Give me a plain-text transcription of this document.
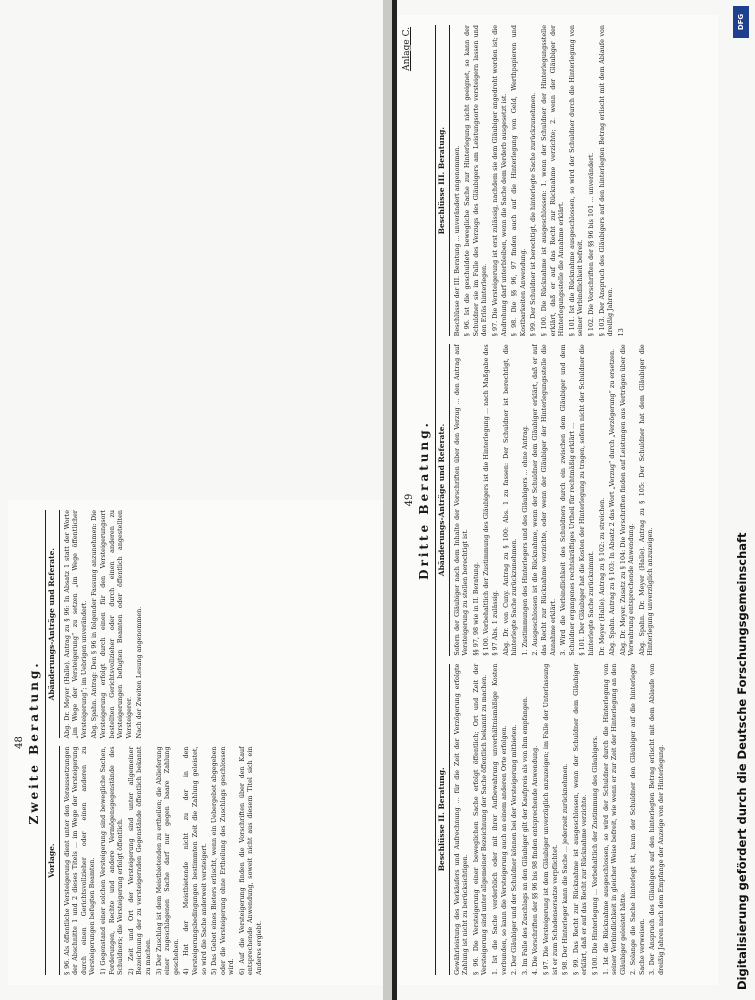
48 Zweite Beratung.
Vorlage.	§ 96. Als öffentliche Versteigerung dient unter den Voraussetzungen der Abschnitte 1 und 2 dieses Titels ... im Wege der Versteigerung durch einen Gerichtsvollzieher oder einen anderen zu Versteigerungen befugten Beamten. 1) Gegenstand einer solchen Versteigerung sind bewegliche Sachen, Forderungen, Rechte und andere Vermögensgegenstände des Schuldners; die Versteigerung erfolgt öffentlich. 2) Zeit und Ort der Versteigerung sind unter allgemeiner Bezeichnung der zu versteigernden Gegenstände öffentlich bekannt zu machen. 3) Der Zuschlag ist dem Meistbietenden zu ertheilen; die Ablieferung einer zugeschlagenen Sache darf nur gegen baare Zahlung geschehen. 4) Hat der Meistbietende nicht zu der in den Versteigerungsbedingungen bestimmten Zeit die Zahlung geleistet, so wird die Sache anderweit versteigert. 5) Das Gebot eines Bieters erlischt, wenn ein Uebergebot abgegeben oder die Versteigerung ohne Ertheilung des Zuschlags geschlossen wird. 6) Auf die Versteigerung finden die Vorschriften über den Kauf entsprechende Anwendung, soweit nicht aus diesem Titel sich ein Anderes ergiebt.

Abänderungs-Anträge und Referate.	Abg. Dr. Meyer (Halle). Antrag zu § 96: In Absatz 1 statt der Worte „im Wege der Versteigerung“ zu setzen „im Wege öffentlicher Versteigerung“; im Uebrigen unverändert. Abg. Spahn. Antrag: Den § 96 in folgender Fassung anzunehmen: Die Versteigerung erfolgt durch einen für den Versteigerungsort bestellten Gerichtsvollzieher oder durch einen anderen zu Versteigerungen befugten Beamten oder öffentlich angestellten Versteigerer. Nach der Zweiten Lesung angenommen.

Anlage C.
49 Dritte Beratung.
Beschlüsse II. Beratung.	Gewährleistung des Verkäufers und Aufrechnung ... für die Zeit der Verzögerung erfolgte Zahlung ist nicht zu berücksichtigen. § 96. Die Versteigerung einer beweglichen Sache erfolgt öffentlich; Ort und Zeit der Versteigerung sind unter allgemeiner Bezeichnung der Sache öffentlich bekannt zu machen. 1. Ist die Sache verderblich oder mit ihrer Aufbewahrung unverhältnismäßige Kosten verbunden, so kann die Versteigerung auch an einem anderen Orte erfolgen. 2. Der Gläubiger und der Schuldner können bei der Versteigerung mitbieten. 3. Im Falle des Zuschlags an den Gläubiger gilt der Kaufpreis als von ihm empfangen. 4. Die Vorschriften der §§ 96 bis 98 finden entsprechende Anwendung. § 97. Die Versteigerung ist dem Gläubiger unverzüglich anzuzeigen; im Falle der Unterlassung ist er zum Schadensersatze verpflichtet. § 98. Der Hinterleger kann die Sache ... jederzeit zurücknehmen. § 99. Das Recht zur Rücknahme ist ausgeschlossen, wenn der Schuldner dem Gläubiger erklärt, daß er auf das Recht zur Rücknahme verzichte. § 100. Die Hinterlegung ... Vorbehaltlich der Zustimmung des Gläubigers. 1. Ist die Rücknahme ausgeschlossen, so wird der Schuldner durch die Hinterlegung von seiner Verbindlichkeit in gleicher Weise befreit, wie wenn er zur Zeit der Hinterlegung an den Gläubiger geleistet hätte. 2. Solange die Sache hinterlegt ist, kann der Schuldner den Gläubiger auf die hinterlegte Sache verweisen. 3. Der Anspruch des Gläubigers auf den hinterlegten Betrag erlischt mit dem Ablaufe von dreißig Jahren nach dem Empfange der Anzeige von der Hinterlegung.

Abänderungs-Anträge und Referate.	Sofern der Gläubiger nach dem Inhalte der Vorschriften über den Verzug ... den Antrag auf Versteigerung zu stellen berechtigt ist. §§ 97, 98 wie in II. Beratung. § 100. Vorbehaltlich der Zustimmung des Gläubigers ist die Hinterlegung ... nach Maßgabe des § 97 Abs. 1 zulässig. Abg. Dr. von Cuny. Antrag zu § 100: Abs. 1 zu fassen: Der Schuldner ist berechtigt, die hinterlegte Sache zurückzunehmen. 1. Zustimmungen des Hinterlegers und des Gläubigers ... ohne Antrag. 2. Ausgeschlossen ist die Rücknahme, wenn der Schuldner dem Gläubiger erklärt, daß er auf das Recht zur Rücknahme verzichte, oder wenn der Gläubiger der Hinterlegungsstelle die Annahme erklärt. 3. Wird die Verbindlichkeit des Schuldners durch ein zwischen dem Gläubiger und dem Schuldner ergangenes rechtskräftiges Urtheil für rechtmäßig erklärt ... § 101. Der Gläubiger hat die Kosten der Hinterlegung zu tragen, sofern nicht der Schuldner die hinterlegte Sache zurücknimmt. Dr. Meyer (Halle). Antrag zu § 102: zu streichen. Abg. Spahn. Antrag zu § 103: In Absatz 2 das Wort „Verzug“ durch „Verzögerung“ zu ersetzen. Abg. Dr. Meyer. Zusatz zu § 104: Die Vorschriften finden auf Leistungen aus Verträgen über die Verwahrung entsprechende Anwendung. Abg. Spahn. Dr. Meyer (Halle). Antrag zu § 105: Der Schuldner hat dem Gläubiger die Hinterlegung unverzüglich anzuzeigen.

Beschlüsse III. Beratung.	Beschlüsse der III. Beratung ... unverändert angenommen. § 96. Ist die geschuldete bewegliche Sache zur Hinterlegung nicht geeignet, so kann der Schuldner sie im Falle des Verzugs des Gläubigers am Leistungsorte versteigern lassen und den Erlös hinterlegen. § 97. Die Versteigerung ist erst zulässig, nachdem sie dem Gläubiger angedroht worden ist; die Androhung darf unterbleiben, wenn die Sache dem Verderb ausgesetzt ist. § 98. Die §§ 96, 97 finden auch auf die Hinterlegung von Geld, Werthpapieren und Kostbarkeiten Anwendung. § 99. Der Schuldner ist berechtigt, die hinterlegte Sache zurückzunehmen. § 100. Die Rücknahme ist ausgeschlossen: 1. wenn der Schuldner der Hinterlegungsstelle erklärt, daß er auf das Recht zur Rücknahme verzichte; 2. wenn der Gläubiger der Hinterlegungsstelle die Annahme erklärt. § 101. Ist die Rücknahme ausgeschlossen, so wird der Schuldner durch die Hinterlegung von seiner Verbindlichkeit befreit. § 102. Die Vorschriften der §§ 96 bis 101 ... unverändert. § 103. Der Anspruch des Gläubigers auf den hinterlegten Betrag erlischt mit dem Ablaufe von dreißig Jahren. 13

DFG
Digitalisierung gefördert durch die Deutsche Forschungsgemeinschaft
